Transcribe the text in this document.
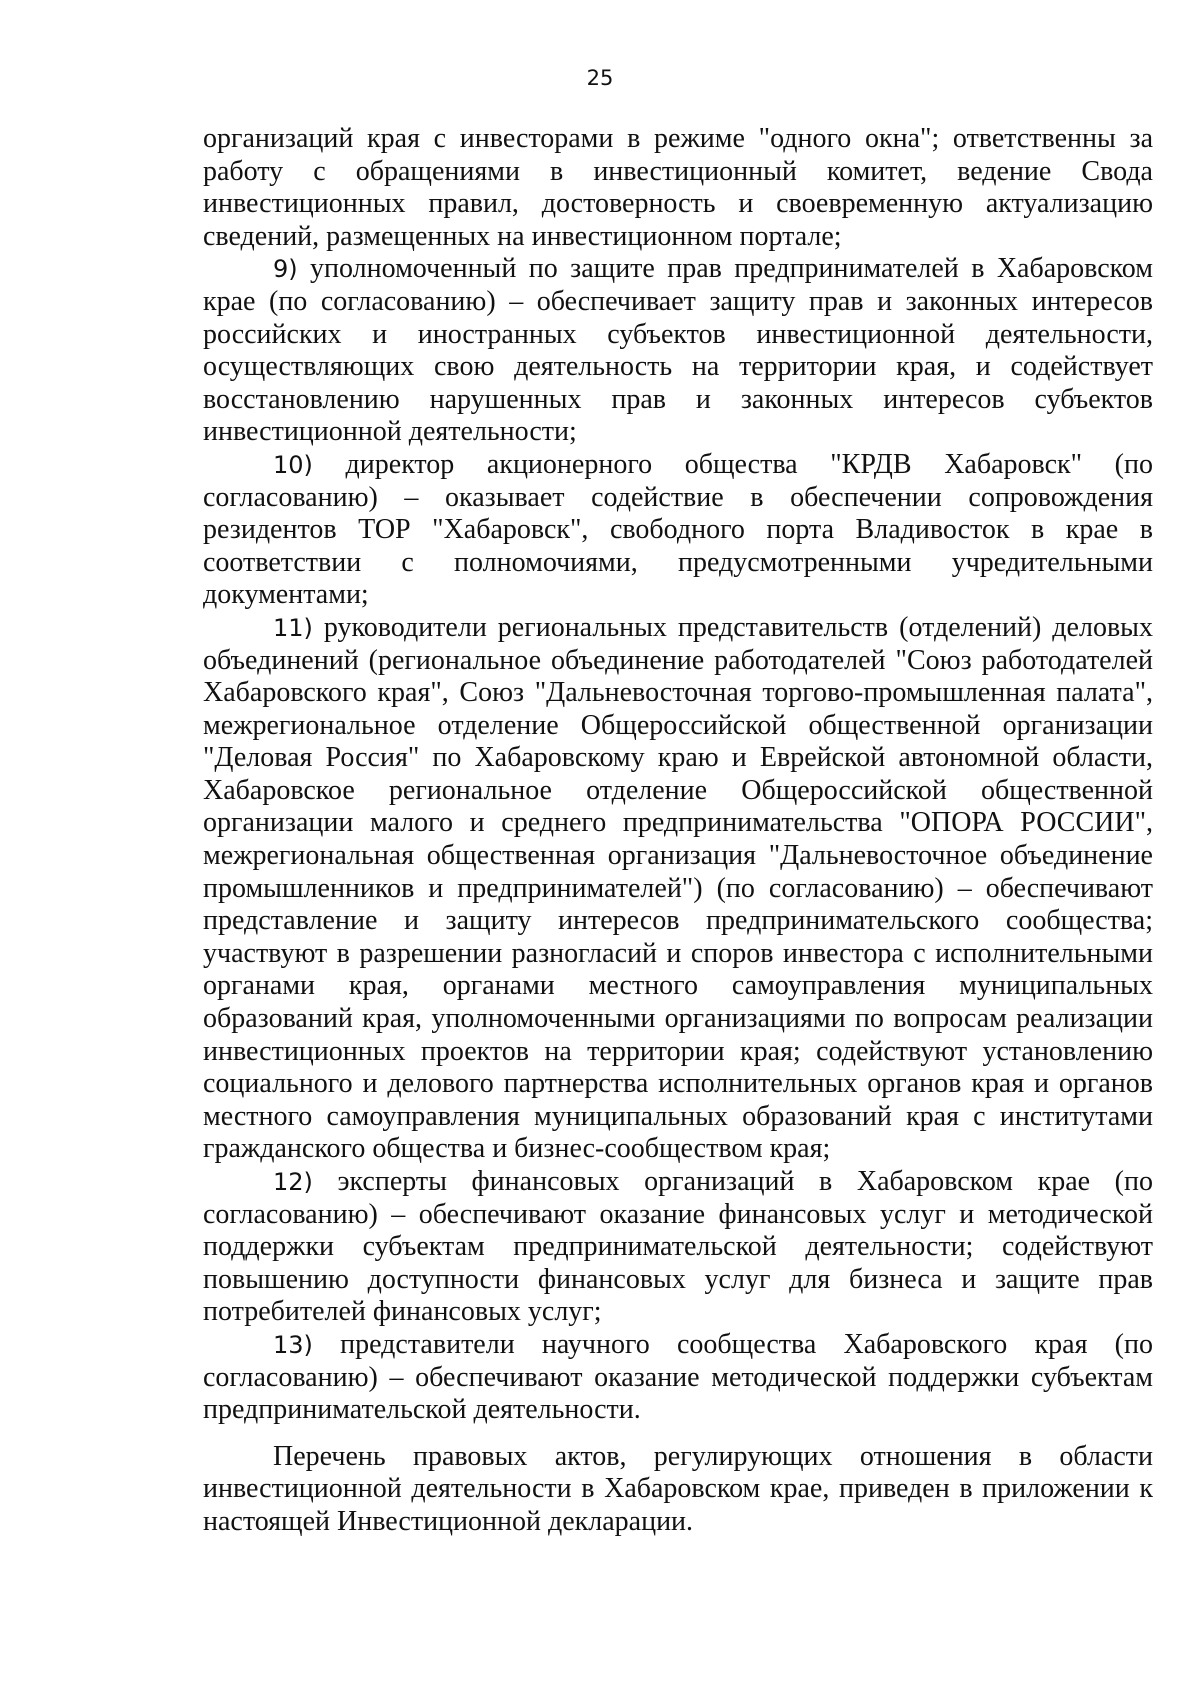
25

организаций края с инвесторами в режиме "одного окна"; ответственны за работу с обращениями в инвестиционный комитет, ведение Свода инвестиционных правил, достоверность и своевременную актуализацию сведений, размещенных на инвестиционном портале;

9) уполномоченный по защите прав предпринимателей в Хабаровском крае (по согласованию) – обеспечивает защиту прав и законных интересов российских и иностранных субъектов инвестиционной деятельности, осуществляющих свою деятельность на территории края, и содействует восстановлению нарушенных прав и законных интересов субъектов инвестиционной деятельности;

10) директор акционерного общества "КРДВ Хабаровск" (по согласованию) – оказывает содействие в обеспечении сопровождения резидентов ТОР "Хабаровск", свободного порта Владивосток в крае в соответствии с полномочиями, предусмотренными учредительными документами;

11) руководители региональных представительств (отделений) деловых объединений (региональное объединение работодателей "Союз работодателей Хабаровского края", Союз "Дальневосточная торгово-промышленная палата", межрегиональное отделение Общероссийской общественной организации "Деловая Россия" по Хабаровскому краю и Еврейской автономной области, Хабаровское региональное отделение Общероссийской общественной организации малого и среднего предпринимательства "ОПОРА РОССИИ", межрегиональная общественная организация "Дальневосточное объединение промышленников и предпринимателей") (по согласованию) – обеспечивают представление и защиту интересов предпринимательского сообщества; участвуют в разрешении разногласий и споров инвестора с исполнительными органами края, органами местного самоуправления муниципальных образований края, уполномоченными организациями по вопросам реализации инвестиционных проектов на территории края; содействуют установлению социального и делового партнерства исполнительных органов края и органов местного самоуправления муниципальных образований края с институтами гражданского общества и бизнес-сообществом края;

12) эксперты финансовых организаций в Хабаровском крае (по согласованию) – обеспечивают оказание финансовых услуг и методической поддержки субъектам предпринимательской деятельности; содействуют повышению доступности финансовых услуг для бизнеса и защите прав потребителей финансовых услуг;

13) представители научного сообщества Хабаровского края (по согласованию) – обеспечивают оказание методической поддержки субъектам предпринимательской деятельности.

Перечень правовых актов, регулирующих отношения в области инвестиционной деятельности в Хабаровском крае, приведен в приложении к настоящей Инвестиционной декларации.
